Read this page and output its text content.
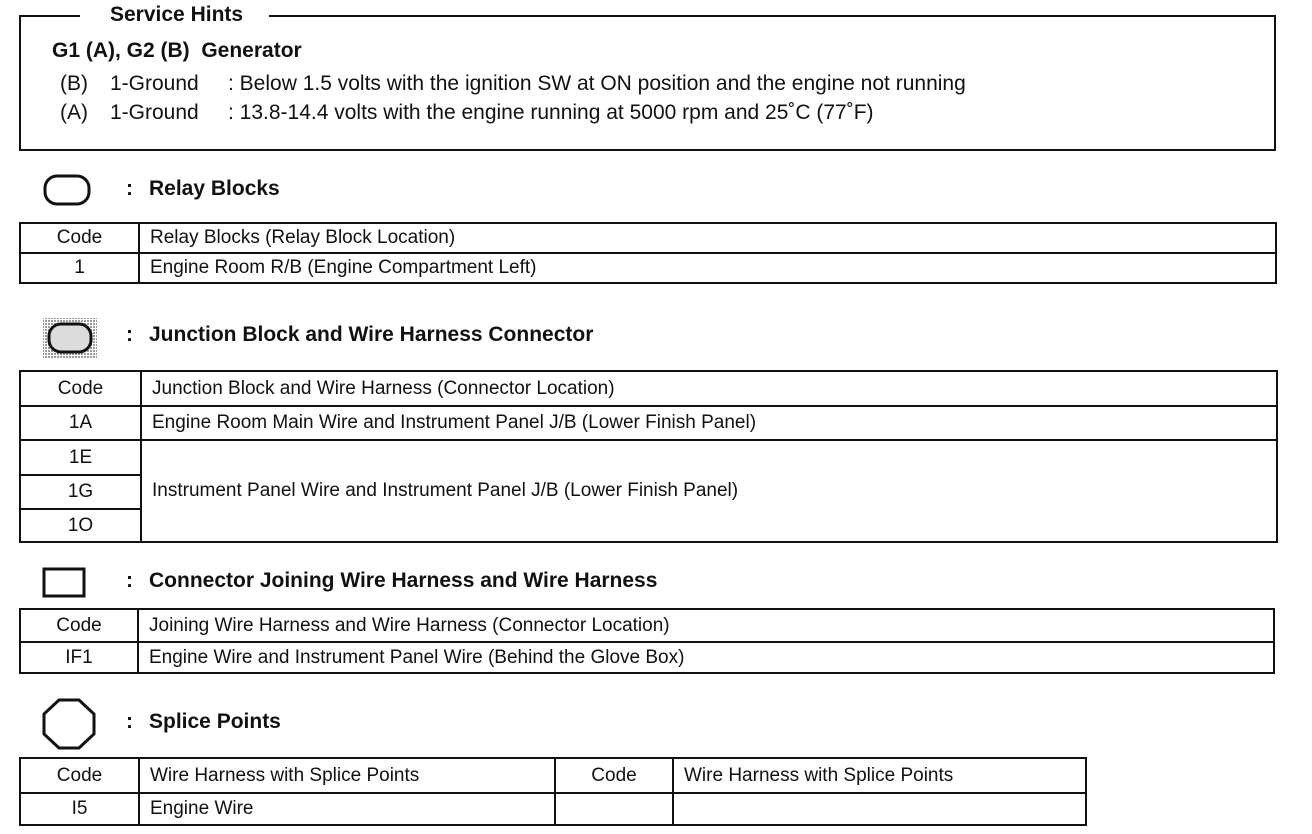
Service Hints
G1 (A), G2 (B)  Generator
(B) 1-Ground : Below 1.5 volts with the ignition SW at ON position and the engine not running
(A) 1-Ground : 13.8-14.4 volts with the engine running at 5000 rpm and 25˚C (77˚F)
: Relay Blocks
Code	Relay Blocks (Relay Block Location)
1	Engine Room R/B (Engine Compartment Left)
: Junction Block and Wire Harness Connector
Code	Junction Block and Wire Harness (Connector Location)
1A	Engine Room Main Wire and Instrument Panel J/B (Lower Finish Panel)
1E	Instrument Panel Wire and Instrument Panel J/B (Lower Finish Panel)
1G	
1O	
: Connector Joining Wire Harness and Wire Harness
Code	Joining Wire Harness and Wire Harness (Connector Location)
IF1	Engine Wire and Instrument Panel Wire (Behind the Glove Box)
: Splice Points
Code	Wire Harness with Splice Points	Code	Wire Harness with Splice Points
I5	Engine Wire		
